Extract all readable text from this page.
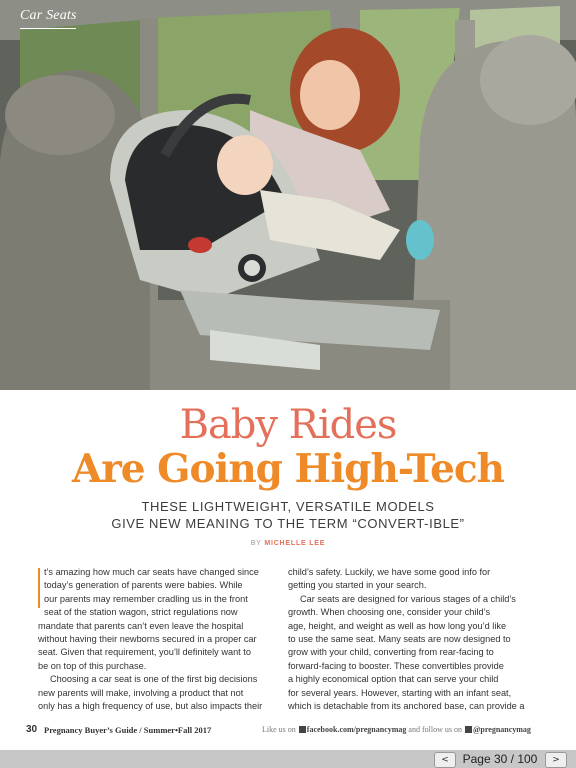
Car Seats
Baby Rides
Are Going High-Tech
THESE LIGHTWEIGHT, VERSATILE MODELS
GIVE NEW MEANING TO THE TERM “CONVERT-IBLE”
BY MICHELLE LEE

t’s amazing how much car seats have changed since

today’s generation of parents were babies. While

our parents may remember cradling us in the front

seat of the station wagon, strict regulations now

mandate that parents can’t even leave the hospital

without having their newborns secured in a proper car

seat. Given that requirement, you’ll definitely want to

be on top of this purchase.

Choosing a car seat is one of the first big decisions

new parents will make, involving a product that not

only has a high frequency of use, but also impacts their

child’s safety. Luckily, we have some good info for

getting you started in your search.

Car seats are designed for various stages of a child’s

growth. When choosing one, consider your child’s

age, height, and weight as well as how long you’d like

to use the same seat. Many seats are now designed to

grow with your child, converting from rear-facing to

forward-facing to booster. These convertibles provide

a highly economical option that can serve your child

for several years. However, starting with an infant seat,

which is detachable from its anchored base, can provide a

30 Pregnancy Buyer’s Guide / Summer•Fall 2017	Like us on facebook.com/pregnancymag and follow us on @pregnancymag
<	Page 30 / 100	>
